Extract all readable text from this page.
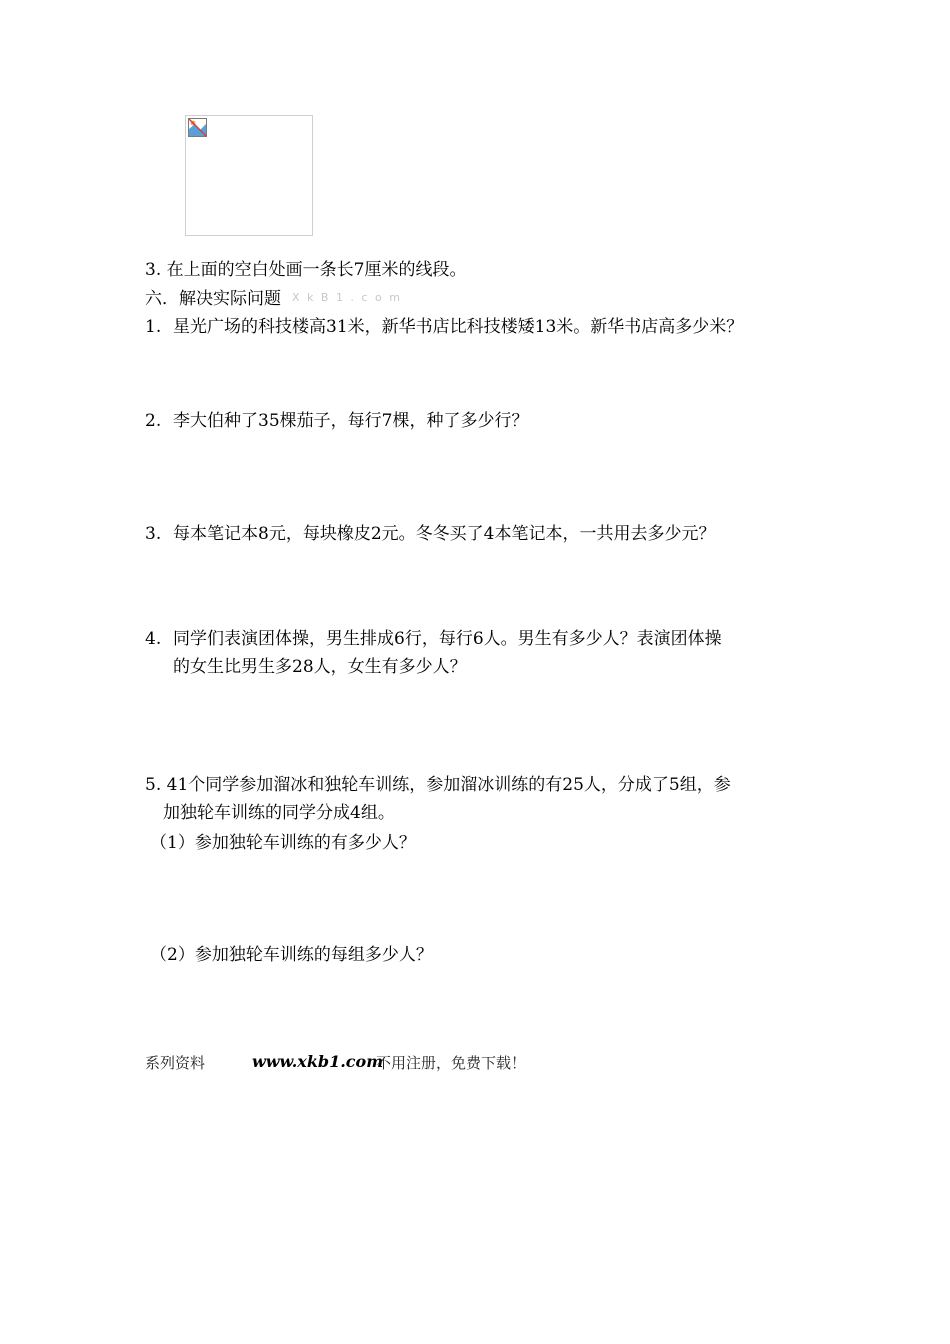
3. 在上面的空白处画一条长7厘米的线段。
六．解决实际问题 X k B 1 . c o m
1. 星光广场的科技楼高31米，新华书店比科技楼矮13米。新华书店高多少米？
2. 李大伯种了35棵茄子，每行7棵，种了多少行？
3. 每本笔记本8元，每块橡皮2元。冬冬买了4本笔记本，一共用去多少元？
4. 同学们表演团体操，男生排成6行，每行6人。男生有多少人？表演团体操
的女生比男生多28人，女生有多少人？
5. 41个同学参加溜冰和独轮车训练，参加溜冰训练的有25人，分成了5组，参
加独轮车训练的同学分成4组。
（1）参加独轮车训练的有多少人？
（2）参加独轮车训练的每组多少人？
系列资料	www.xkb1.com
不用注册，免费下载！
